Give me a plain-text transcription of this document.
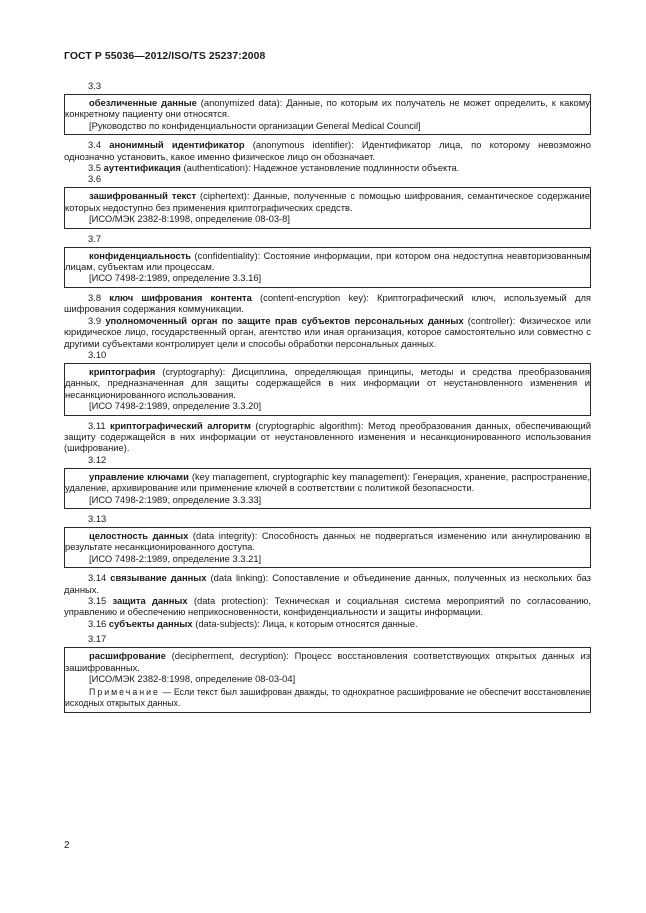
ГОСТ Р 55036—2012/ISO/TS 25237:2008
3.3

обезличенные данные (anonymized data): Данные, по которым их получатель не может определить, к какому конкретному пациенту они относятся.

[Руководство по конфиденциальности организации General Medical Council]

3.4 анонимный идентификатор (anonymous identifier): Идентификатор лица, по которому невозможно однозначно установить, какое именно физическое лицо он обозначает.

3.5 аутентификация (authentication): Надежное установление подлинности объекта.

3.6

зашифрованный текст (ciphertext): Данные, полученные с помощью шифрования, семантическое содержание которых недоступно без применения криптографических средств.

[ИСО/МЭК 2382-8:1998, определение 08-03-8]

3.7

конфиденциальность (confidentiality): Состояние информации, при котором она недоступна неавторизованным лицам, субъектам или процессам.

[ИСО 7498-2:1989, определение 3.3.16]

3.8 ключ шифрования контента (content-encryption key): Криптографический ключ, используемый для шифрования содержания коммуникации.

3.9 уполномоченный орган по защите прав субъектов персональных данных (controller): Физическое или юридическое лицо, государственный орган, агентство или иная организация, которое самостоятельно или совместно с другими субъектами контролирует цели и способы обработки персональных данных.

3.10

криптография (cryptography): Дисциплина, определяющая принципы, методы и средства преобразования данных, предназначенная для защиты содержащейся в них информации от неустановленного изменения и несанкционированного использования.

[ИСО 7498-2:1989, определение 3.3.20]

3.11 криптографический алгоритм (cryptographic algorithm): Метод преобразования данных, обеспечивающий защиту содержащейся в них информации от неустановленного изменения и несанкционированного использования (шифрование).

3.12

управление ключами (key management, cryptographic key management): Генерация, хранение, распространение, удаление, архивирование или применение ключей в соответствии с политикой безопасности.

[ИСО 7498-2:1989, определение 3.3.33]

3.13

целостность данных (data integrity): Способность данных не подвергаться изменению или аннулированию в результате несанкционированного доступа.

[ИСО 7498-2:1989, определение 3.3.21]

3.14 связывание данных (data linking): Сопоставление и объединение данных, полученных из нескольких баз данных.

3.15 защита данных (data protection): Техническая и социальная система мероприятий по согласованию, управлению и обеспечению неприкосновенности, конфиденциальности и защиты информации.

3.16 субъекты данных (data-subjects): Лица, к которым относятся данные.

3.17

расшифрование (decipherment, decryption): Процесс восстановления соответствующих открытых данных из зашифрованных.

[ИСО/МЭК 2382-8:1998, определение 08-03-04]

Примечание — Если текст был зашифрован дважды, то однократное расшифрование не обеспечит восстановление исходных открытых данных.

2
